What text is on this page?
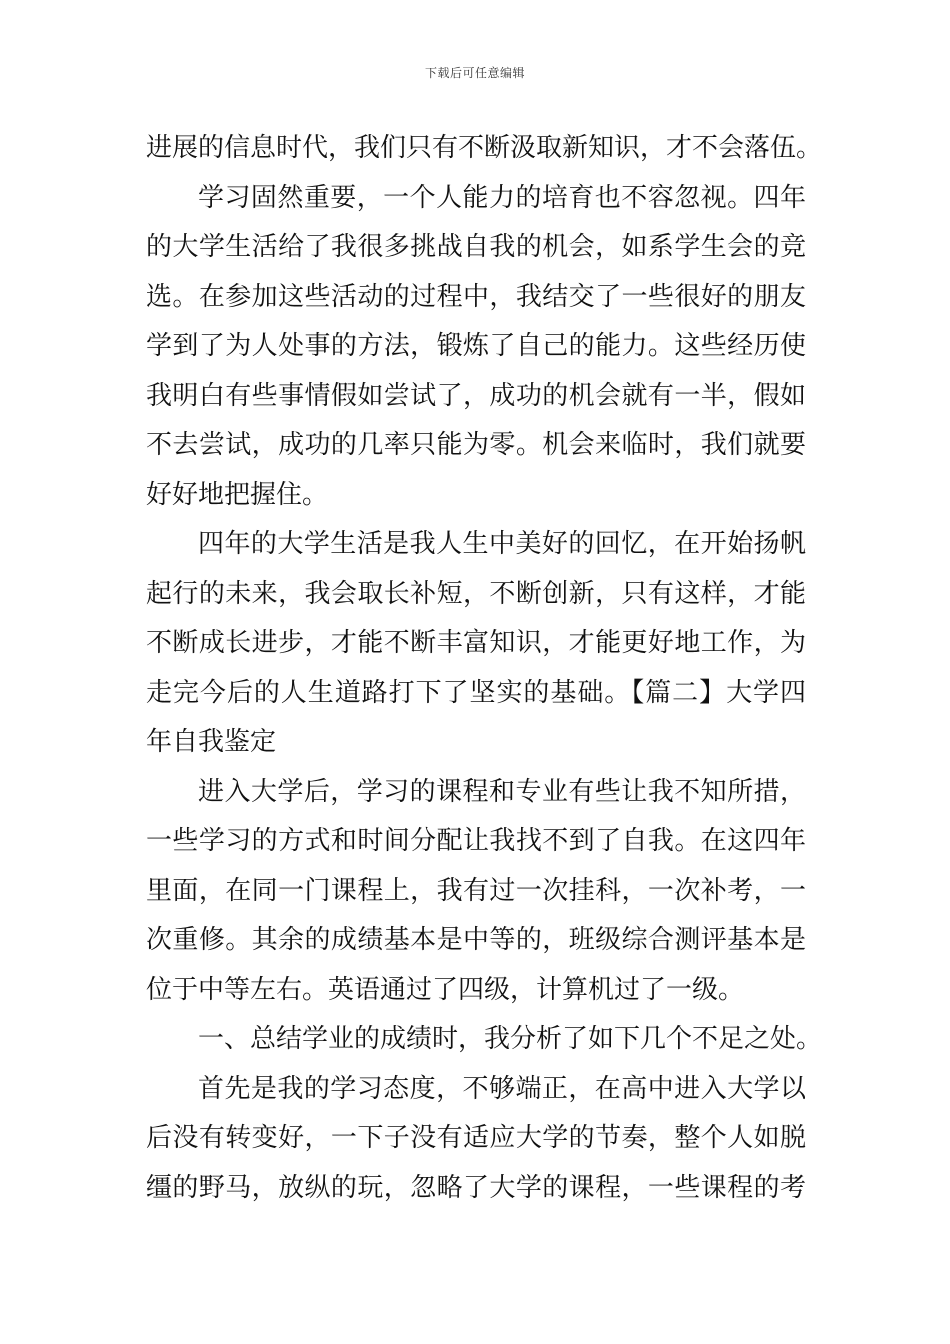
下载后可任意编辑
进展的信息时代，我们只有不断汲取新知识，才不会落伍。
学习固然重要，一个人能力的培育也不容忽视。四年
的大学生活给了我很多挑战自我的机会，如系学生会的竞
选。在参加这些活动的过程中，我结交了一些很好的朋友
学到了为人处事的方法，锻炼了自己的能力。这些经历使
我明白有些事情假如尝试了，成功的机会就有一半，假如
不去尝试，成功的几率只能为零。机会来临时，我们就要
好好地把握住。
四年的大学生活是我人生中美好的回忆，在开始扬帆
起行的未来，我会取长补短，不断创新，只有这样，才能
不断成长进步，才能不断丰富知识，才能更好地工作，为
走完今后的人生道路打下了坚实的基础。【篇二】大学四
年自我鉴定
进入大学后，学习的课程和专业有些让我不知所措，
一些学习的方式和时间分配让我找不到了自我。在这四年
里面，在同一门课程上，我有过一次挂科，一次补考，一
次重修。其余的成绩基本是中等的，班级综合测评基本是
位于中等左右。英语通过了四级，计算机过了一级。
一、总结学业的成绩时，我分析了如下几个不足之处。
首先是我的学习态度，不够端正，在高中进入大学以
后没有转变好，一下子没有适应大学的节奏，整个人如脱
缰的野马，放纵的玩，忽略了大学的课程，一些课程的考
